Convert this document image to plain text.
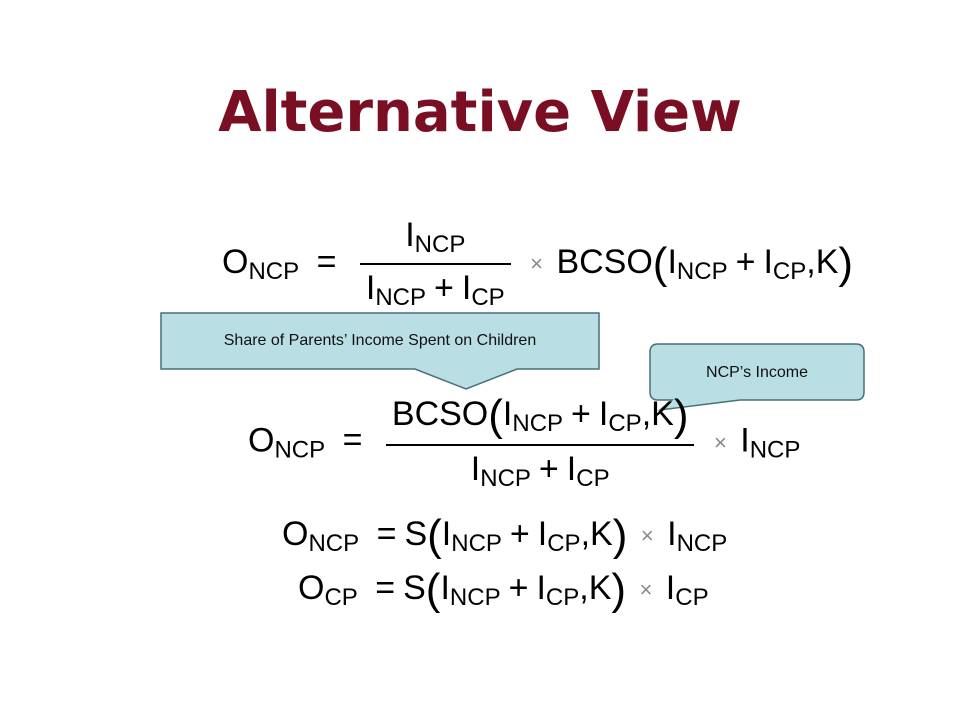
Alternative View
Share of Parents’ Income Spent on Children
NCP’s Income
$O_{NCP} = \frac{I_{NCP}}{I_{NCP} + I_{CP}}$ × $BCSO(I_{NCP} + I_{CP},K)$
$O_{NCP} = \frac{BCSO(I_{NCP} + I_{CP},K)}{I_{NCP} + I_{CP}} \times I_{NCP}$
$O_{NCP} = S(I_{NCP} + I_{CP},K) \times I_{NCP}$
$O_{CP} = S(I_{NCP} + I_{CP},K) \times I_{CP}$
